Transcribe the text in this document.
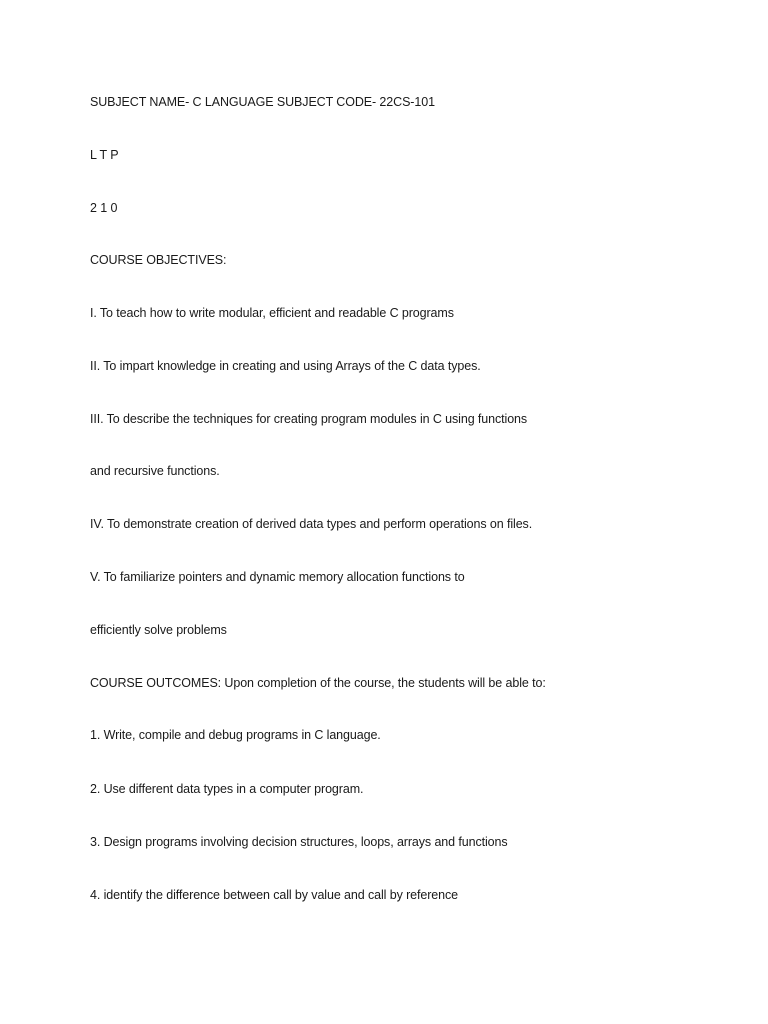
SUBJECT NAME- C LANGUAGE SUBJECT CODE- 22CS-101

L T P

2 1 0

COURSE OBJECTIVES:

I. To teach how to write modular, efficient and readable C programs

II. To impart knowledge in creating and using Arrays of the C data types.

III. To describe the techniques for creating program modules in C using functions

and recursive functions.

IV. To demonstrate creation of derived data types and perform operations on files.

V. To familiarize pointers and dynamic memory allocation functions to

efficiently solve problems

COURSE OUTCOMES: Upon completion of the course, the students will be able to:

1. Write, compile and debug programs in C language.

2. Use different data types in a computer program.

3. Design programs involving decision structures, loops, arrays and functions

4. identify the difference between call by value and call by reference
